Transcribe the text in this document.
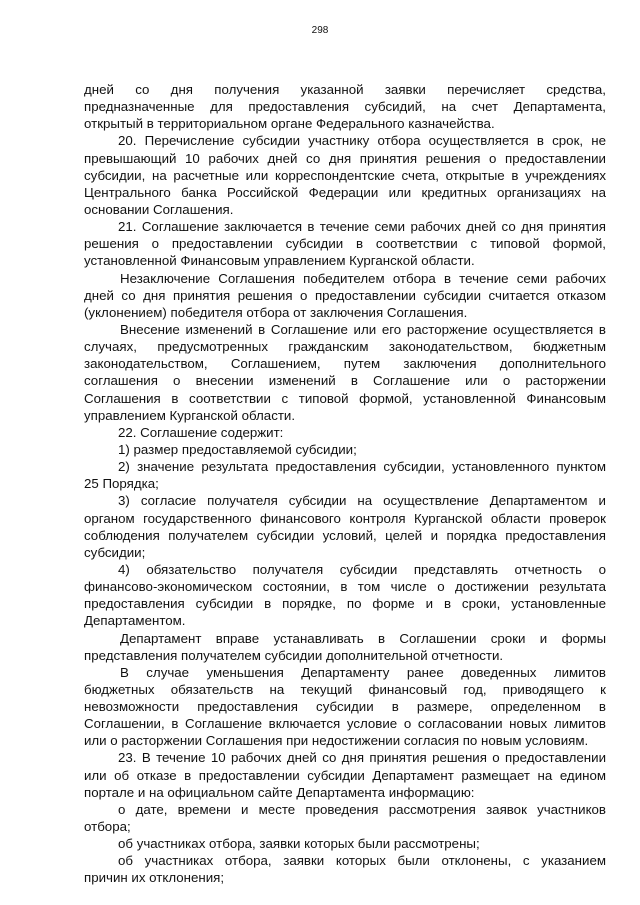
298
дней со дня получения указанной заявки перечисляет средства,
предназначенные для предоставления субсидий, на счет Департамента,
открытый в территориальном органе Федерального казначейства.
20. Перечисление субсидии участнику отбора осуществляется в срок, не
превышающий 10 рабочих дней со дня принятия решения о предоставлении
субсидии, на расчетные или корреспондентские счета, открытые в учреждениях
Центрального банка Российской Федерации или кредитных организациях на
основании Соглашения.
21. Соглашение заключается в течение семи рабочих дней со дня принятия
решения о предоставлении субсидии в соответствии с типовой формой,
установленной Финансовым управлением Курганской области.
Незаключение Соглашения победителем отбора в течение семи рабочих
дней со дня принятия решения о предоставлении субсидии считается отказом
(уклонением) победителя отбора от заключения Соглашения.
Внесение изменений в Соглашение или его расторжение осуществляется в
случаях, предусмотренных гражданским законодательством, бюджетным
законодательством, Соглашением, путем заключения дополнительного
соглашения о внесении изменений в Соглашение или о расторжении
Соглашения в соответствии с типовой формой, установленной Финансовым
управлением Курганской области.
22. Соглашение содержит:
1) размер предоставляемой субсидии;
2) значение результата предоставления субсидии, установленного пунктом
25 Порядка;
3) согласие получателя субсидии на осуществление Департаментом и
органом государственного финансового контроля Курганской области проверок
соблюдения получателем субсидии условий, целей и порядка предоставления
субсидии;
4) обязательство получателя субсидии представлять отчетность о
финансово-экономическом состоянии, в том числе о достижении результата
предоставления субсидии в порядке, по форме и в сроки, установленные
Департаментом.
Департамент вправе устанавливать в Соглашении сроки и формы
представления получателем субсидии дополнительной отчетности.
В случае уменьшения Департаменту ранее доведенных лимитов
бюджетных обязательств на текущий финансовый год, приводящего к
невозможности предоставления субсидии в размере, определенном в
Соглашении, в Соглашение включается условие о согласовании новых лимитов
или о расторжении Соглашения при недостижении согласия по новым условиям.
23. В течение 10 рабочих дней со дня принятия решения о предоставлении
или об отказе в предоставлении субсидии Департамент размещает на едином
портале и на официальном сайте Департамента информацию:
о дате, времени и месте проведения рассмотрения заявок участников
отбора;
об участниках отбора, заявки которых были рассмотрены;
об участниках отбора, заявки которых были отклонены, с указанием
причин их отклонения;
